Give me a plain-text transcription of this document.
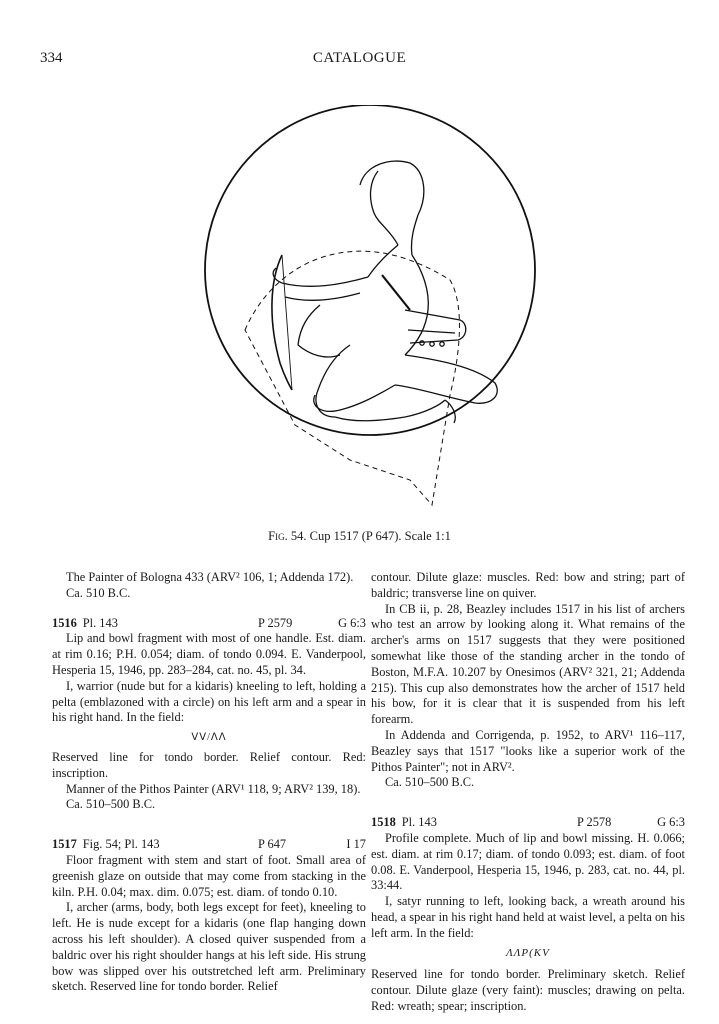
334	CATALOGUE
Fig. 54. Cup 1517 (P 647). Scale 1:1

The Painter of Bologna 433 (ARV² 106, 1; Addenda 172).

Ca. 510 B.C.

1516 Pl. 143	P 2579	G 6:3

Lip and bowl fragment with most of one handle. Est. diam. at rim 0.16; P.H. 0.054; diam. of tondo 0.094. E. Vanderpool, Hesperia 15, 1946, pp. 283–284, cat. no. 45, pl. 34.

I, warrior (nude but for a kidaris) kneeling to left, holding a pelta (emblazoned with a circle) on his left arm and a spear in his right hand. In the field:

ᐯᐯ/ᐱᐱ

Reserved line for tondo border. Relief contour. Red: inscription.

Manner of the Pithos Painter (ARV¹ 118, 9; ARV² 139, 18).

Ca. 510–500 B.C.

1517 Fig. 54; Pl. 143	P 647	I 17

Floor fragment with stem and start of foot. Small area of greenish glaze on outside that may come from stacking in the kiln. P.H. 0.04; max. dim. 0.075; est. diam. of tondo 0.10.

I, archer (arms, body, both legs except for feet), kneeling to left. He is nude except for a kidaris (one flap hanging down across his left shoulder). A closed quiver suspended from a baldric over his right shoulder hangs at his left side. His strung bow was slipped over his outstretched left arm. Preliminary sketch. Reserved line for tondo border. Relief

contour. Dilute glaze: muscles. Red: bow and string; part of baldric; transverse line on quiver.

In CB ii, p. 28, Beazley includes 1517 in his list of archers who test an arrow by looking along it. What remains of the archer's arms on 1517 suggests that they were positioned somewhat like those of the standing archer in the tondo of Boston, M.F.A. 10.207 by Onesimos (ARV² 321, 21; Addenda 215). This cup also demonstrates how the archer of 1517 held his bow, for it is clear that it is suspended from his left forearm.

In Addenda and Corrigenda, p. 1952, to ARV¹ 116–117, Beazley says that 1517 "looks like a superior work of the Pithos Painter"; not in ARV².

Ca. 510–500 B.C.

1518 Pl. 143	P 2578	G 6:3

Profile complete. Much of lip and bowl missing. H. 0.066; est. diam. at rim 0.17; diam. of tondo 0.093; est. diam. of foot 0.08. E. Vanderpool, Hesperia 15, 1946, p. 283, cat. no. 44, pl. 33:44.

I, satyr running to left, looking back, a wreath around his head, a spear in his right hand held at waist level, a pelta on his left arm. In the field:

ΛΛΡ(ΚV

Reserved line for tondo border. Preliminary sketch. Relief contour. Dilute glaze (very faint): muscles; drawing on pelta. Red: wreath; spear; inscription.
